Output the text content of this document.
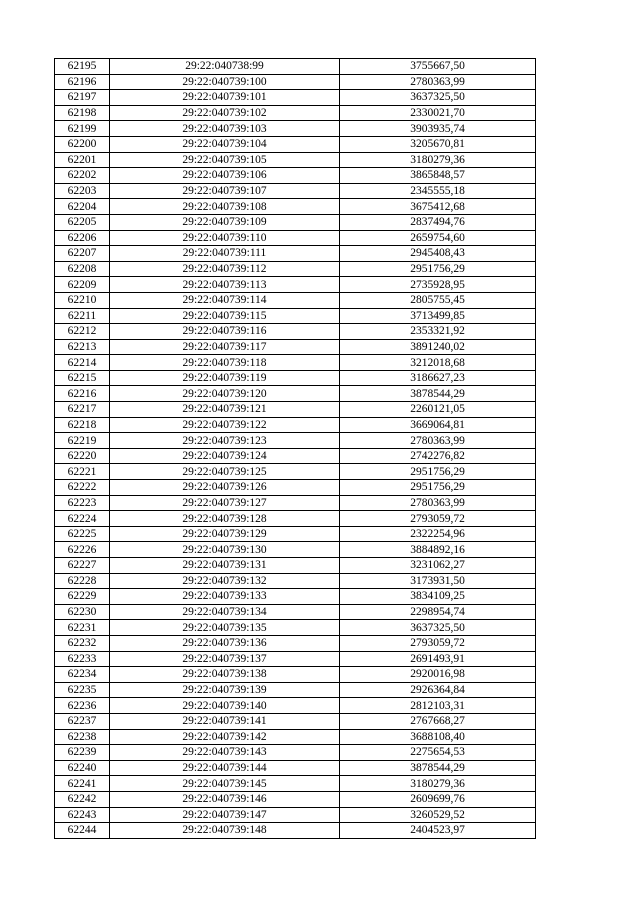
62195	29:22:040738:99	3755667,50
62196	29:22:040739:100	2780363,99
62197	29:22:040739:101	3637325,50
62198	29:22:040739:102	2330021,70
62199	29:22:040739:103	3903935,74
62200	29:22:040739:104	3205670,81
62201	29:22:040739:105	3180279,36
62202	29:22:040739:106	3865848,57
62203	29:22:040739:107	2345555,18
62204	29:22:040739:108	3675412,68
62205	29:22:040739:109	2837494,76
62206	29:22:040739:110	2659754,60
62207	29:22:040739:111	2945408,43
62208	29:22:040739:112	2951756,29
62209	29:22:040739:113	2735928,95
62210	29:22:040739:114	2805755,45
62211	29:22:040739:115	3713499,85
62212	29:22:040739:116	2353321,92
62213	29:22:040739:117	3891240,02
62214	29:22:040739:118	3212018,68
62215	29:22:040739:119	3186627,23
62216	29:22:040739:120	3878544,29
62217	29:22:040739:121	2260121,05
62218	29:22:040739:122	3669064,81
62219	29:22:040739:123	2780363,99
62220	29:22:040739:124	2742276,82
62221	29:22:040739:125	2951756,29
62222	29:22:040739:126	2951756,29
62223	29:22:040739:127	2780363,99
62224	29:22:040739:128	2793059,72
62225	29:22:040739:129	2322254,96
62226	29:22:040739:130	3884892,16
62227	29:22:040739:131	3231062,27
62228	29:22:040739:132	3173931,50
62229	29:22:040739:133	3834109,25
62230	29:22:040739:134	2298954,74
62231	29:22:040739:135	3637325,50
62232	29:22:040739:136	2793059,72
62233	29:22:040739:137	2691493,91
62234	29:22:040739:138	2920016,98
62235	29:22:040739:139	2926364,84
62236	29:22:040739:140	2812103,31
62237	29:22:040739:141	2767668,27
62238	29:22:040739:142	3688108,40
62239	29:22:040739:143	2275654,53
62240	29:22:040739:144	3878544,29
62241	29:22:040739:145	3180279,36
62242	29:22:040739:146	2609699,76
62243	29:22:040739:147	3260529,52
62244	29:22:040739:148	2404523,97
